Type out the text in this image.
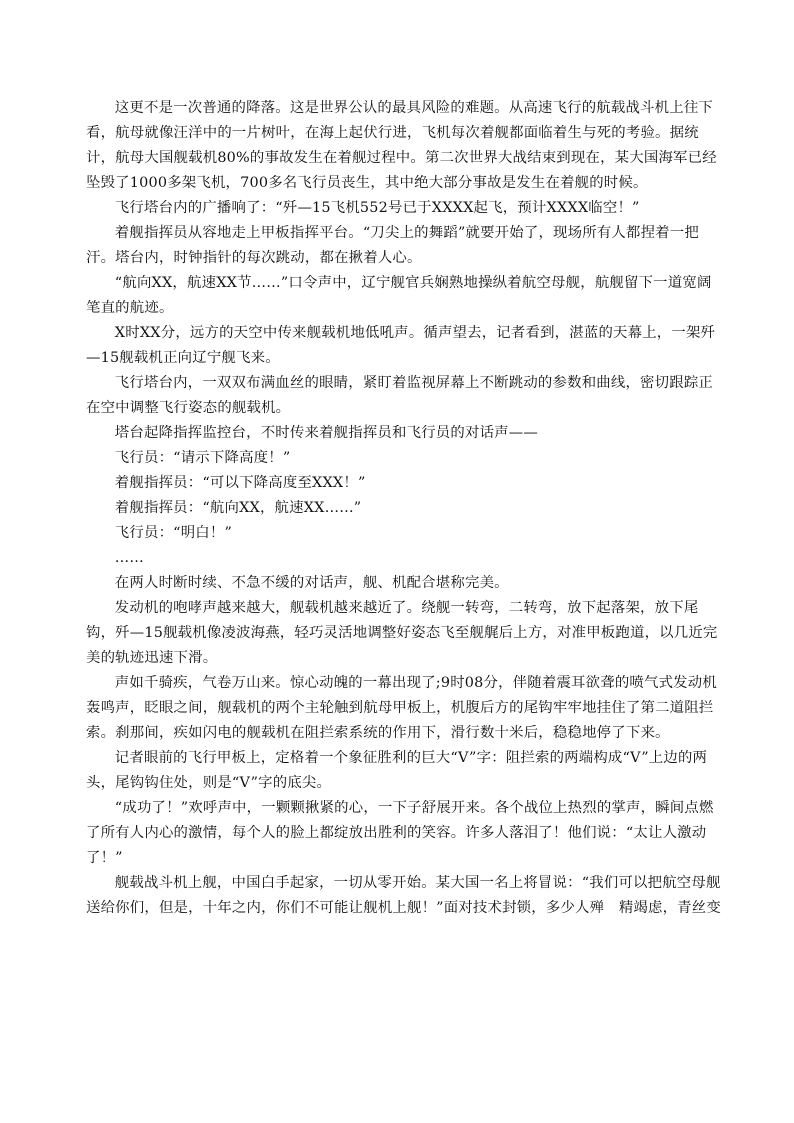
这更不是一次普通的降落。这是世界公认的最具风险的难题。从高速飞行的航载战斗机上往下看，航母就像汪洋中的一片树叶，在海上起伏行进，飞机每次着舰都面临着生与死的考验。据统计，航母大国舰载机80%的事故发生在着舰过程中。第二次世界大战结束到现在，某大国海军已经坠毁了1000多架飞机，700多名飞行员丧生，其中绝大部分事故是发生在着舰的时候。

飞行塔台内的广播响了：“歼—15飞机552号已于XXXX起飞，预计XXXX临空！”

着舰指挥员从容地走上甲板指挥平台。“刀尖上的舞蹈”就要开始了，现场所有人都捏着一把汗。塔台内，时钟指针的每次跳动，都在揪着人心。

“航向XX，航速XX节……”口令声中，辽宁舰官兵娴熟地操纵着航空母舰，航舰留下一道宽阔笔直的航迹。

X时XX分，远方的天空中传来舰载机地低吼声。循声望去，记者看到，湛蓝的天幕上，一架歼—15舰载机正向辽宁舰飞来。

飞行塔台内，一双双布满血丝的眼睛，紧盯着监视屏幕上不断跳动的参数和曲线，密切跟踪正在空中调整飞行姿态的舰载机。

塔台起降指挥监控台，不时传来着舰指挥员和飞行员的对话声——

飞行员：“请示下降高度！”

着舰指挥员：“可以下降高度至XXX！”

着舰指挥员：“航向XX，航速XX……”

飞行员：“明白！”

……

在两人时断时续、不急不缓的对话声，舰、机配合堪称完美。

发动机的咆哮声越来越大，舰载机越来越近了。绕舰一转弯，二转弯，放下起落架，放下尾钩，歼—15舰载机像凌波海燕，轻巧灵活地调整好姿态飞至舰艉后上方，对准甲板跑道，以几近完美的轨迹迅速下滑。

声如千骑疾，气卷万山来。惊心动魄的一幕出现了;9时08分，伴随着震耳欲聋的喷气式发动机轰鸣声，眨眼之间，舰载机的两个主轮触到航母甲板上，机腹后方的尾钩牢牢地挂住了第二道阻拦索。刹那间，疾如闪电的舰载机在阻拦索系统的作用下，滑行数十米后，稳稳地停了下来。

记者眼前的飞行甲板上，定格着一个象征胜利的巨大“V”字：阻拦索的两端构成“V”上边的两头，尾钩钩住处，则是“V”字的底尖。

“成功了！”欢呼声中，一颗颗揪紧的心，一下子舒展开来。各个战位上热烈的掌声，瞬间点燃了所有人内心的激情，每个人的脸上都绽放出胜利的笑容。许多人落泪了！他们说：“太让人激动了！”

舰载战斗机上舰，中国白手起家，一切从零开始。某大国一名上将冒说：“我们可以把航空母舰送给你们，但是，十年之内，你们不可能让舰机上舰！”面对技术封锁，多少人殚　精竭虑，青丝变
